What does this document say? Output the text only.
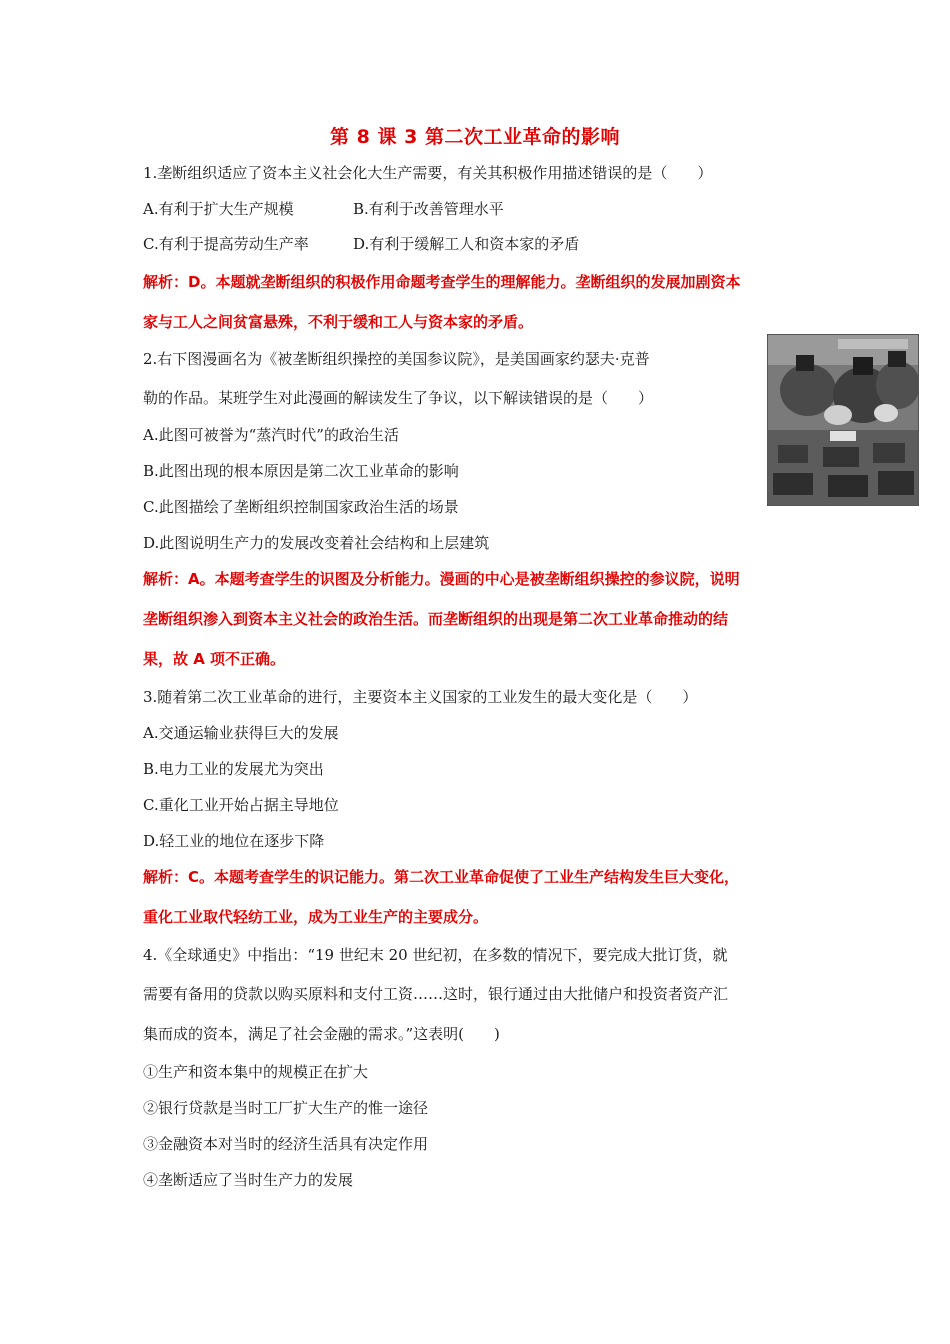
第 8 课 3 第二次工业革命的影响
1.垄断组织适应了资本主义社会化大生产需要，有关其积极作用描述错误的是（　　）
A.有利于扩大生产规模	B.有利于改善管理水平
C.有利于提高劳动生产率	D.有利于缓解工人和资本家的矛盾
解析：D。本题就垄断组织的积极作用命题考查学生的理解能力。垄断组织的发展加剧资本
家与工人之间贫富悬殊，不利于缓和工人与资本家的矛盾。
2.右下图漫画名为《被垄断组织操控的美国参议院》，是美国画家约瑟夫·克普
勒的作品。某班学生对此漫画的解读发生了争议，以下解读错误的是（　　）
A.此图可被誉为“蒸汽时代”的政治生活
B.此图出现的根本原因是第二次工业革命的影响
C.此图描绘了垄断组织控制国家政治生活的场景
D.此图说明生产力的发展改变着社会结构和上层建筑
解析：A。本题考查学生的识图及分析能力。漫画的中心是被垄断组织操控的参议院，说明
垄断组织渗入到资本主义社会的政治生活。而垄断组织的出现是第二次工业革命推动的结
果，故 A 项不正确。
3.随着第二次工业革命的进行，主要资本主义国家的工业发生的最大变化是（　　）
A.交通运输业获得巨大的发展
B.电力工业的发展尤为突出
C.重化工业开始占据主导地位
D.轻工业的地位在逐步下降
解析：C。本题考查学生的识记能力。第二次工业革命促使了工业生产结构发生巨大变化，
重化工业取代轻纺工业，成为工业生产的主要成分。
4.《全球通史》中指出：“19 世纪末 20 世纪初，在多数的情况下，要完成大批订货，就
需要有备用的贷款以购买原料和支付工资……这时，银行通过由大批储户和投资者资产汇
集而成的资本，满足了社会金融的需求。”这表明(　　)
①生产和资本集中的规模正在扩大
②银行贷款是当时工厂扩大生产的惟一途径
③金融资本对当时的经济生活具有决定作用
④垄断适应了当时生产力的发展
